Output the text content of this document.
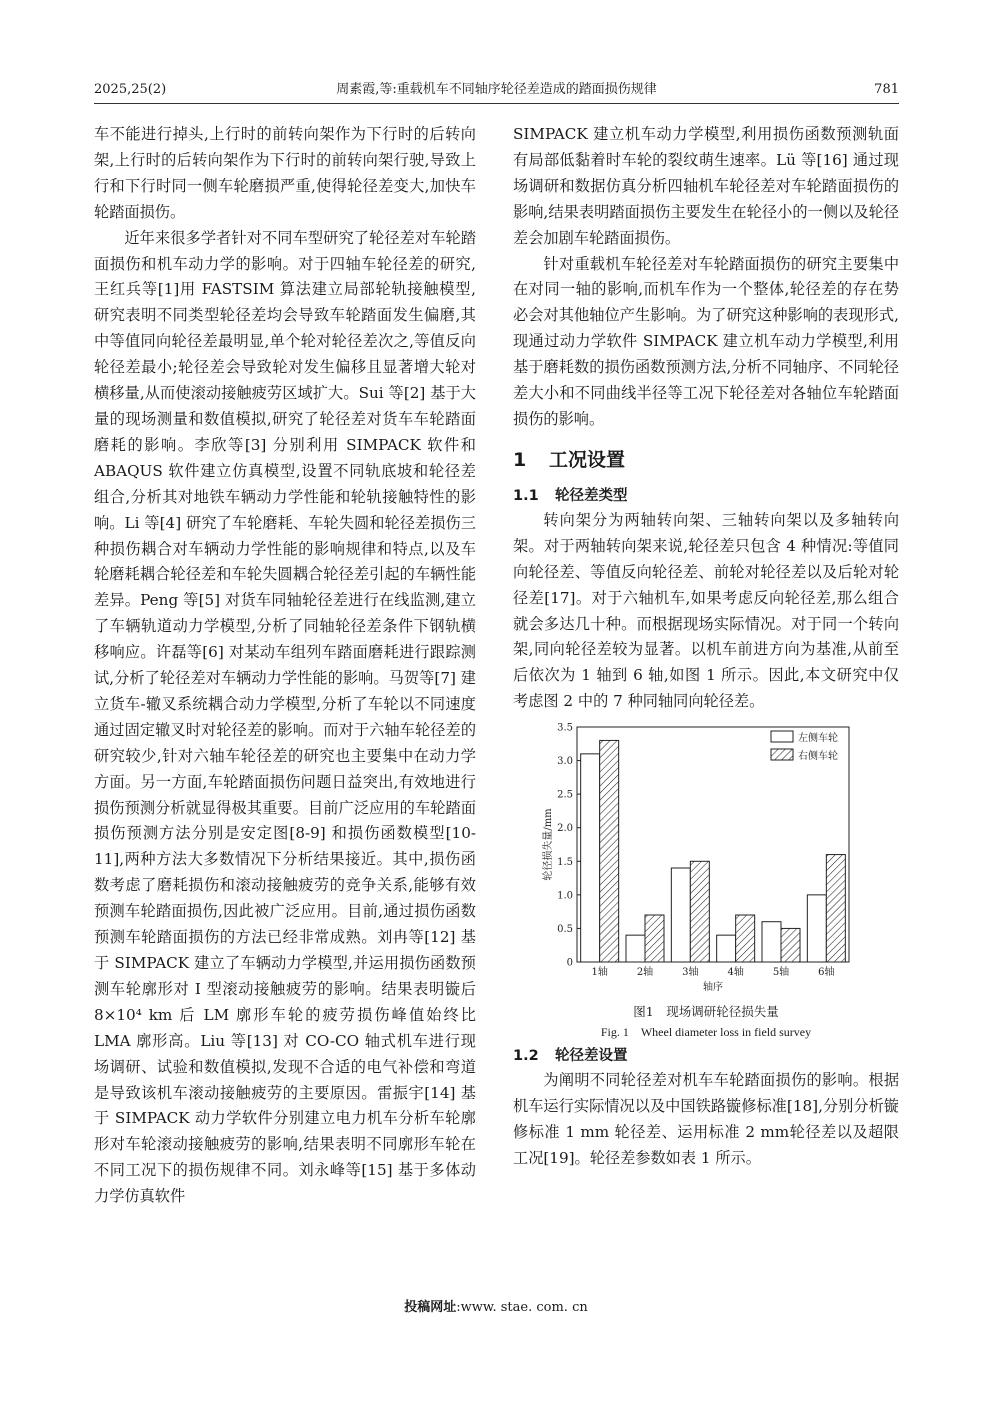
2025,25(2)	周素霞,等:重载机车不同轴序轮径差造成的踏面损伤规律	781

车不能进行掉头,上行时的前转向架作为下行时的后转向架,上行时的后转向架作为下行时的前转向架行驶,导致上行和下行时同一侧车轮磨损严重,使得轮径差变大,加快车轮踏面损伤。

近年来很多学者针对不同车型研究了轮径差对车轮踏面损伤和机车动力学的影响。对于四轴车轮径差的研究,王红兵等[1]用 FASTSIM 算法建立局部轮轨接触模型,研究表明不同类型轮径差均会导致车轮踏面发生偏磨,其中等值同向轮径差最明显,单个轮对轮径差次之,等值反向轮径差最小;轮径差会导致轮对发生偏移且显著增大轮对横移量,从而使滚动接触疲劳区域扩大。Sui 等[2] 基于大量的现场测量和数值模拟,研究了轮径差对货车车轮踏面磨耗的影响。李欣等[3] 分别利用 SIMPACK 软件和 ABAQUS 软件建立仿真模型,设置不同轨底坡和轮径差组合,分析其对地铁车辆动力学性能和轮轨接触特性的影响。Li 等[4] 研究了车轮磨耗、车轮失圆和轮径差损伤三种损伤耦合对车辆动力学性能的影响规律和特点,以及车轮磨耗耦合轮径差和车轮失圆耦合轮径差引起的车辆性能差异。Peng 等[5] 对货车同轴轮径差进行在线监测,建立了车辆轨道动力学模型,分析了同轴轮径差条件下钢轨横移响应。许磊等[6] 对某动车组列车踏面磨耗进行跟踪测试,分析了轮径差对车辆动力学性能的影响。马贺等[7] 建立货车-辙叉系统耦合动力学模型,分析了车轮以不同速度通过固定辙叉时对轮径差的影响。而对于六轴车轮径差的研究较少,针对六轴车轮径差的研究也主要集中在动力学方面。另一方面,车轮踏面损伤问题日益突出,有效地进行损伤预测分析就显得极其重要。目前广泛应用的车轮踏面损伤预测方法分别是安定图[8-9] 和损伤函数模型[10-11],两种方法大多数情况下分析结果接近。其中,损伤函数考虑了磨耗损伤和滚动接触疲劳的竞争关系,能够有效预测车轮踏面损伤,因此被广泛应用。目前,通过损伤函数预测车轮踏面损伤的方法已经非常成熟。刘冉等[12] 基于 SIMPACK 建立了车辆动力学模型,并运用损伤函数预测车轮廓形对 I 型滚动接触疲劳的影响。结果表明镟后 8×10⁴ km 后 LM 廓形车轮的疲劳损伤峰值始终比 LMA 廓形高。Liu 等[13] 对 CO-CO 轴式机车进行现场调研、试验和数值模拟,发现不合适的电气补偿和弯道是导致该机车滚动接触疲劳的主要原因。雷振宇[14] 基于 SIMPACK 动力学软件分别建立电力机车分析车轮廓形对车轮滚动接触疲劳的影响,结果表明不同廓形车轮在不同工况下的损伤规律不同。刘永峰等[15] 基于多体动力学仿真软件

SIMPACK 建立机车动力学模型,利用损伤函数预测轨面有局部低黏着时车轮的裂纹萌生速率。Lü 等[16] 通过现场调研和数据仿真分析四轴机车轮径差对车轮踏面损伤的影响,结果表明踏面损伤主要发生在轮径小的一侧以及轮径差会加剧车轮踏面损伤。

针对重载机车轮径差对车轮踏面损伤的研究主要集中在对同一轴的影响,而机车作为一个整体,轮径差的存在势必会对其他轴位产生影响。为了研究这种影响的表现形式,现通过动力学软件 SIMPACK 建立机车动力学模型,利用基于磨耗数的损伤函数预测方法,分析不同轴序、不同轮径差大小和不同曲线半径等工况下轮径差对各轴位车轮踏面损伤的影响。

1 工况设置
1.1 轮径差类型

转向架分为两轴转向架、三轴转向架以及多轴转向架。对于两轴转向架来说,轮径差只包含 4 种情况:等值同向轮径差、等值反向轮径差、前轮对轮径差以及后轮对轮径差[17]。对于六轴机车,如果考虑反向轮径差,那么组合就会多达几十种。而根据现场实际情况。对于同一个转向架,同向轮径差较为显著。以机车前进方向为基准,从前至后依次为 1 轴到 6 轴,如图 1 所示。因此,本文研究中仅考虑图 2 中的 7 种同轴同向轮径差。

0
0.5
1.0
1.5
2.0
2.5
3.0
3.5
1轴	2轴	3轴	4轴	5轴	6轴
轴序
轮径损失量/mm
左侧车轮
右侧车轮
图1　现场调研轮径损失量
Fig. 1　Wheel diameter loss in field survey
1.2 轮径差设置

为阐明不同轮径差对机车车轮踏面损伤的影响。根据机车运行实际情况以及中国铁路镟修标准[18],分别分析镟修标准 1 mm 轮径差、运用标准 2 mm轮径差以及超限工况[19]。轮径差参数如表 1 所示。

投稿网址:www. stae. com. cn
